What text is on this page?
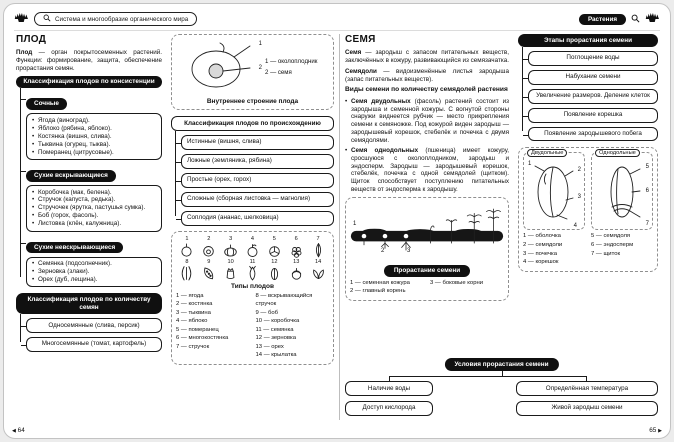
Система и многообразие органического мира	Растения
ПЛОД

Плод — орган покрытосеменных растений. Функции: формирование, защита, обеспечение прорастания семян.

Классификация плодов по консистенции
Сочные
• Ягода (виноград).
• Яблоко (рябина, яблоко).
• Костянка (вишня, слива).
• Тыквина (огурец, тыква).
• Померанец (цитрусовые).
Сухие вскрывающиеся
• Коробочка (мак, белена).
• Стручок (капуста, редька).
• Стручочек (ярутка, пастушья сумка).
• Боб (горох, фасоль).
• Листовка (клён, калужница).
Сухие невскрывающиеся
• Семянка (подсолнечник).
• Зерновка (злаки).
• Орех (дуб, лещина).
Классификация плодов по количеству семян
Односемянные (слива, персик)
Многосемянные (томат, картофель)
1
2
1 — околоплодник
2 — семя
Внутреннее строение плода
Классификация плодов по происхождению
Истинные (вишня, слива)
Ложные (земляника, рябина)
Простые (орех, горох)
Сложные (сборная листовка — магнолия)
Соплодия (ананас, шелковица)
1	2	3	4	5	6	7
8	9	10	11	12	13	14
Типы плодов
1 — ягода
2 — костянка
3 — тыквина
4 — яблоко
5 — померанец
6 — многокостянка
7 — стручок
8 — вскрывающийся стручок
9 — боб
10 — коробочка
11 — семянка
12 — зерновка
13 — орех
14 — крылатка
СЕМЯ

Семя — зародыш с запасом питательных веществ, заключённых в кожуру, развивающийся из семязачатка.

Семядоли — видоизменённые листья зародыша (запас питательных веществ).

Виды семени по количеству семядолей растения
• Семя двудольных (фасоль) растений состоит из зародыша и семенной кожуры. С вогнутой стороны снаружи виднеется рубчик — место прикрепления семени к семяножке. Под кожурой виден зародыш — зародышевый корешок, стебелёк и почечка с двумя семядолями.
• Семя однодольных (пшеница) имеет кожуру, сросшуюся с околоплодником, зародыш и эндосперм. Зародыш — зародышевый корешок, стебелёк, почечка с одной семядолей (щитком). Щиток способствует поступлению питательных веществ от эндосперма к зародышу.
1
2	3
Прорастание семени
1 — семенная кожура
2 — главный корень
3 — боковые корни
Этапы прорастания семени
Поглощение воды
Набухание семени
Увеличение размеров. Деление клеток
Появление корешка
Появление зародышевого побега
Двудольные
1
2
3
4
Однодольные
5
6
7
1 — оболочка
2 — семядоли
3 — почечка
4 — корешок
5 — семядоля
6 — эндосперм
7 — щиток
Условия прорастания семени
Наличие воды
Доступ кислорода
Определённая температура
Живой зародыш семени
◀ 64	65 ▶
